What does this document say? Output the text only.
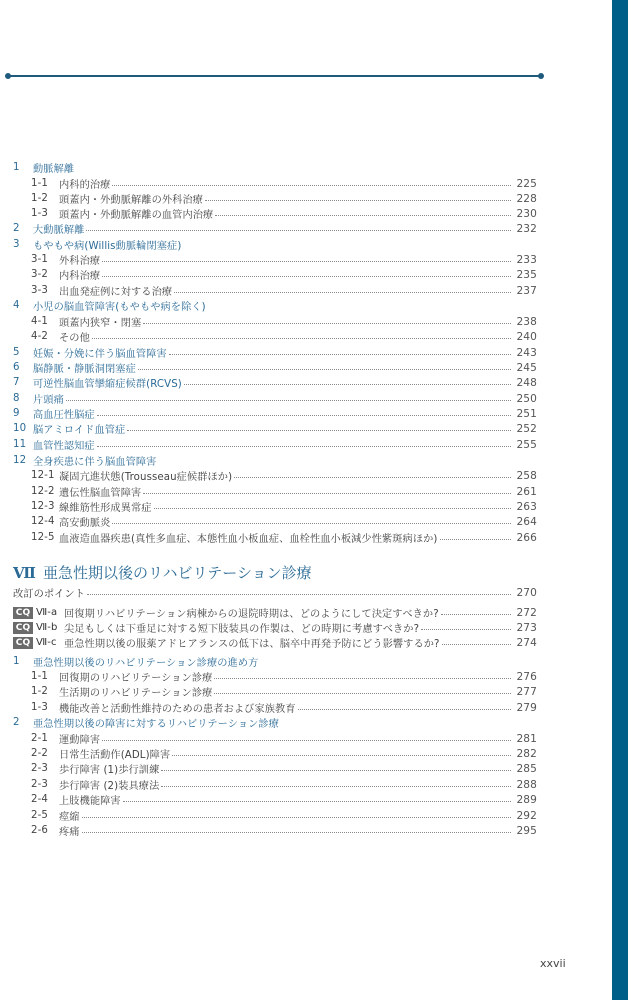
1	動脈解離
1-1	内科的治療	225
1-2	頭蓋内・外動脈解離の外科治療	228
1-3	頭蓋内・外動脈解離の血管内治療	230
2	大動脈解離	232
3	もやもや病(Willis動脈輪閉塞症)
3-1	外科治療	233
3-2	内科治療	235
3-3	出血発症例に対する治療	237
4	小児の脳血管障害(もやもや病を除く)
4-1	頭蓋内狭窄・閉塞	238
4-2	その他	240
5	妊娠・分娩に伴う脳血管障害	243
6	脳静脈・静脈洞閉塞症	245
7	可逆性脳血管攣縮症候群(RCVS)	248
8	片頭痛	250
9	高血圧性脳症	251
10 脳アミロイド血管症	252
11 血管性認知症	255
12 全身疾患に伴う脳血管障害
12-1 凝固亢進状態(Trousseau症候群ほか)	258
12-2 遺伝性脳血管障害	261
12-3 線維筋性形成異常症	263
12-4 高安動脈炎	264
12-5 血液造血器疾患(真性多血症、本態性血小板血症、血栓性血小板減少性紫斑病ほか)	266
Ⅶ 亜急性期以後のリハビリテーション診療
改訂のポイント	270
CQ Ⅶ-a 回復期リハビリテーション病棟からの退院時期は、どのようにして決定すべきか?	272
CQ Ⅶ-b 尖足もしくは下垂足に対する短下肢装具の作製は、どの時期に考慮すべきか?	273
CQ Ⅶ-c 亜急性期以後の服薬アドヒアランスの低下は、脳卒中再発予防にどう影響するか?	274
1	亜急性期以後のリハビリテーション診療の進め方
1-1	回復期のリハビリテーション診療	276
1-2	生活期のリハビリテーション診療	277
1-3	機能改善と活動性維持のための患者および家族教育	279
2	亜急性期以後の障害に対するリハビリテーション診療
2-1	運動障害	281
2-2	日常生活動作(ADL)障害	282
2-3	歩行障害 (1)歩行訓練	285
2-3	歩行障害 (2)装具療法	288
2-4	上肢機能障害	289
2-5	痙縮	292
2-6	疼痛	295
xxvii
